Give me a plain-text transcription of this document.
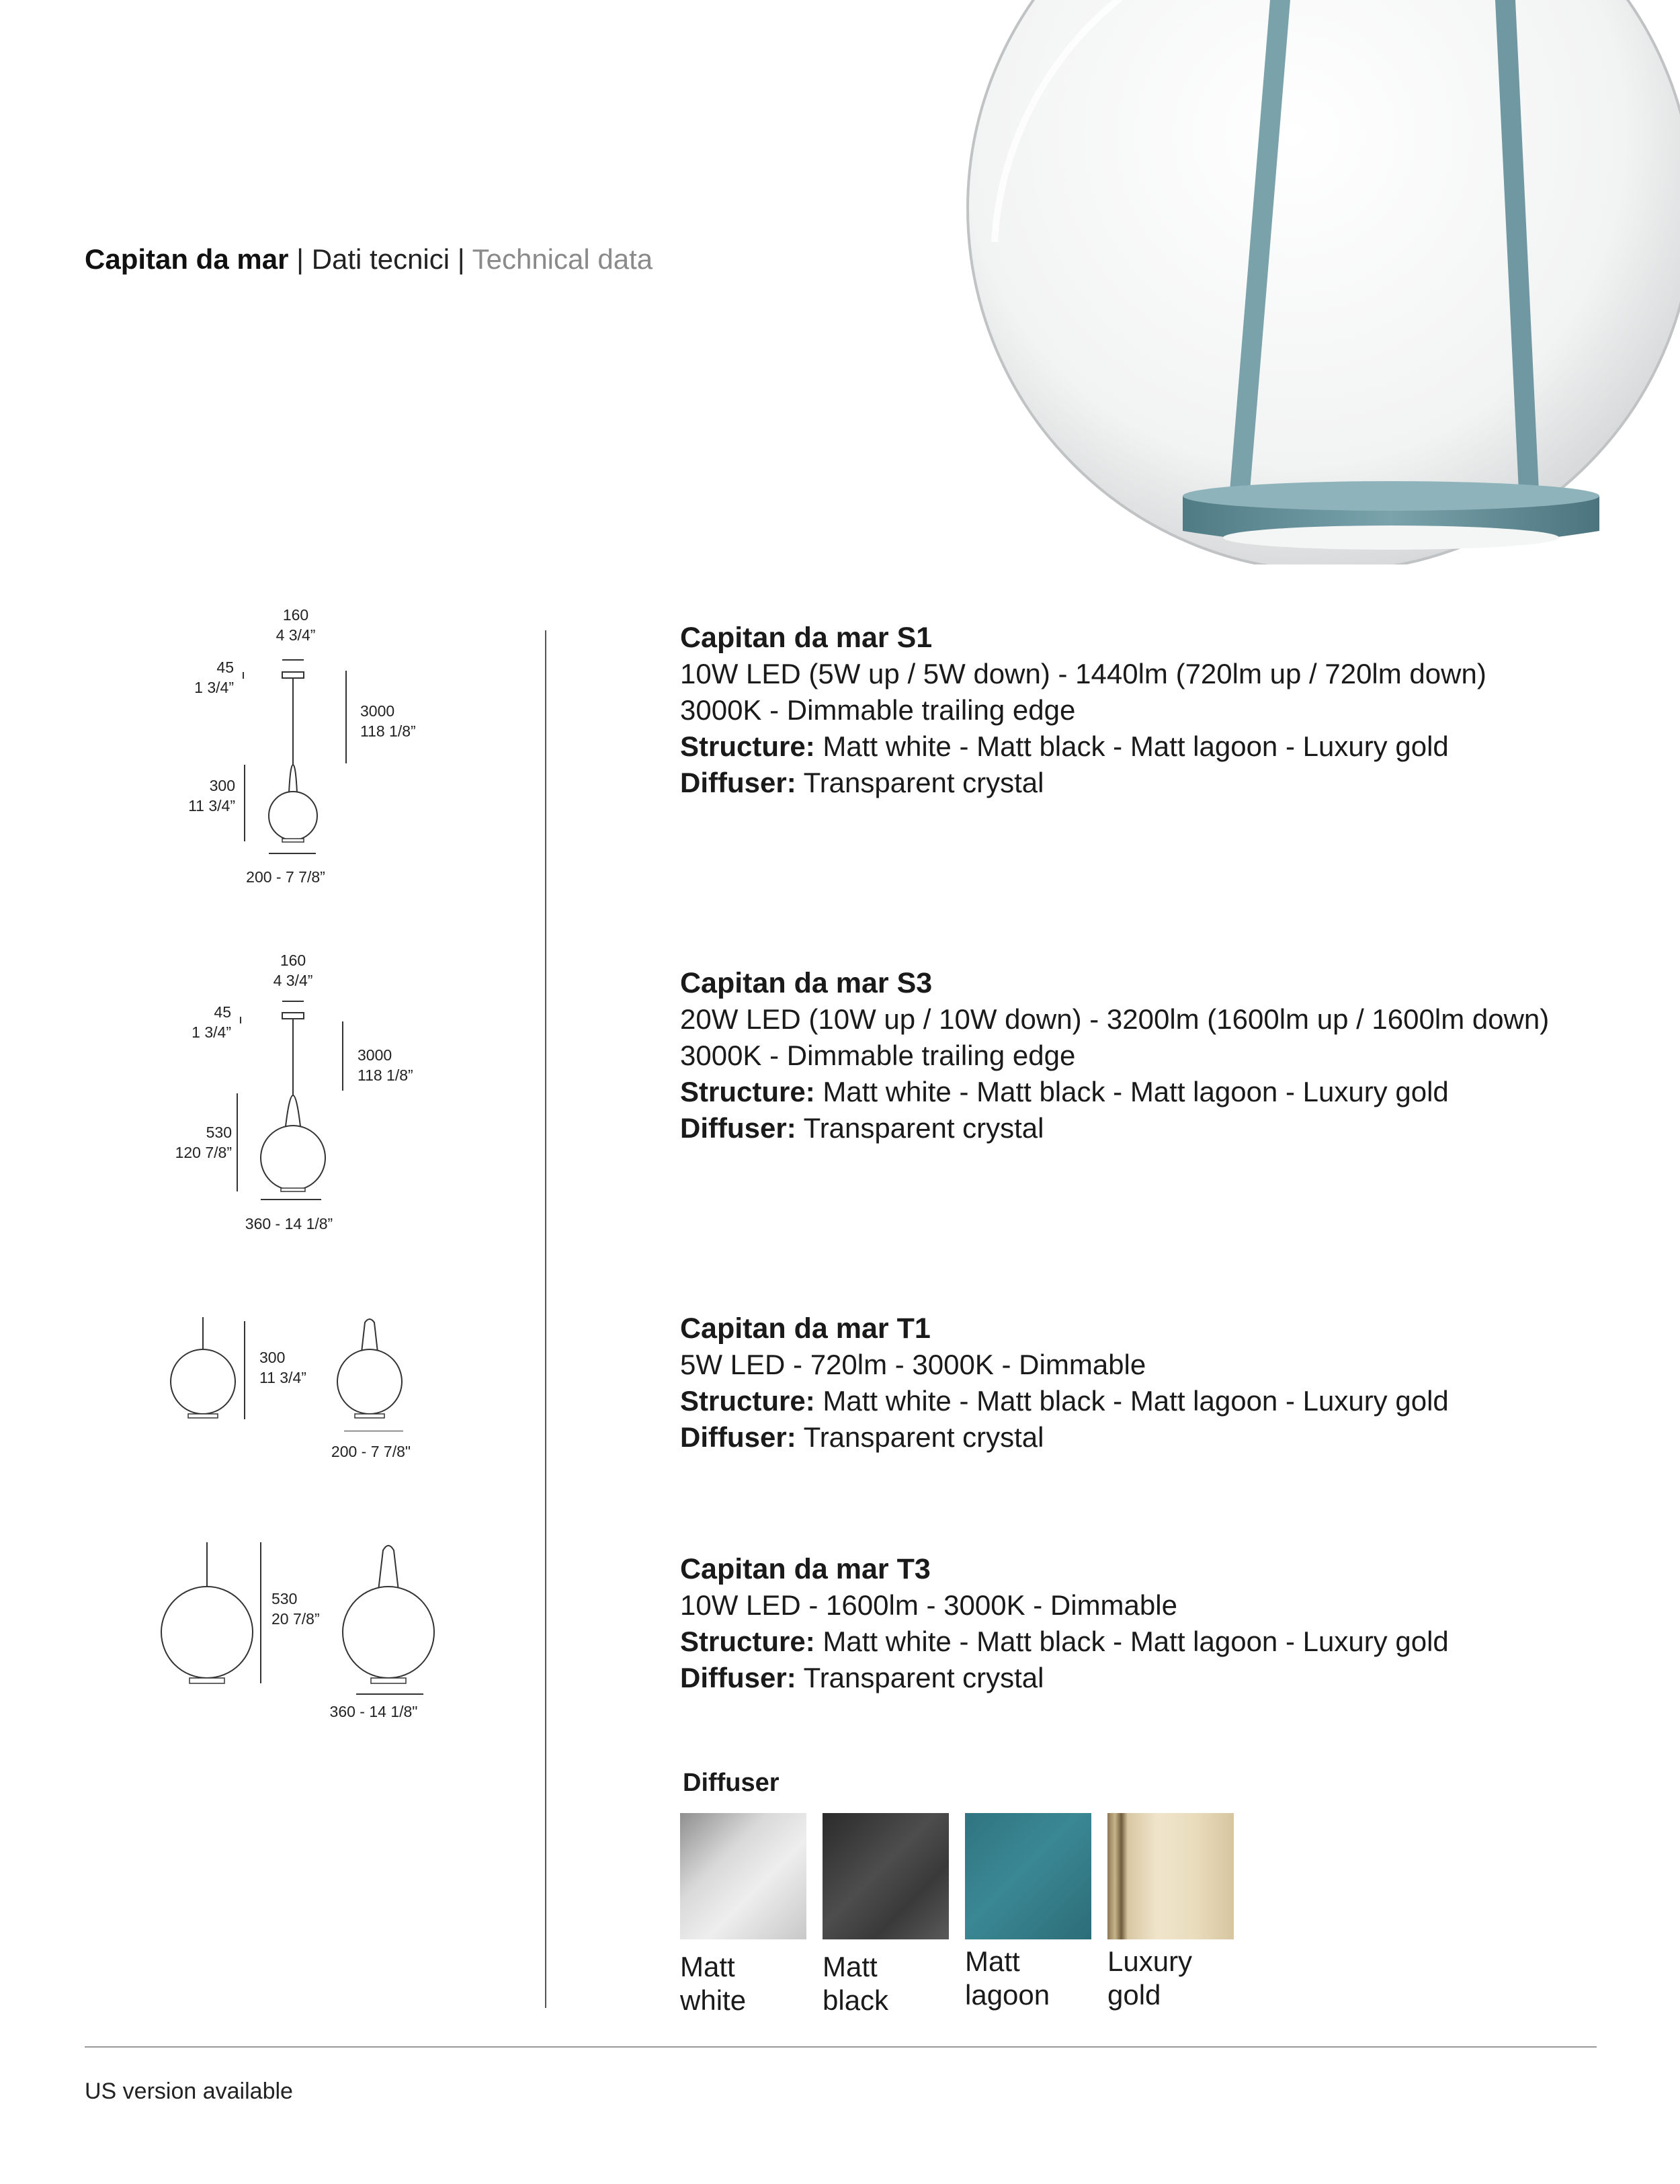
Capitan da mar | Dati tecnici | Technical data
160
4 3/4”
45
1 3/4”
3000
118 1/8”
300
11 3/4”
200 - 7 7/8”
160
4 3/4”
45
1 3/4”
3000
118 1/8”
530
120 7/8”
360 - 14 1/8”
300
11 3/4”
200 - 7 7/8"
530
20 7/8”
360 - 14 1/8"
Capitan da mar S1
10W LED (5W up / 5W down) - 1440lm (720lm up / 720lm down)
3000K - Dimmable trailing edge
Structure: Matt white - Matt black - Matt lagoon - Luxury gold
Diffuser: Transparent crystal
Capitan da mar S3
20W LED (10W up / 10W down) - 3200lm (1600lm up / 1600lm down)
3000K - Dimmable trailing edge
Structure: Matt white - Matt black - Matt lagoon - Luxury gold
Diffuser: Transparent crystal
Capitan da mar T1
5W LED - 720lm - 3000K - Dimmable
Structure: Matt white - Matt black - Matt lagoon - Luxury gold
Diffuser: Transparent crystal
Capitan da mar T3
10W LED - 1600lm - 3000K - Dimmable
Structure: Matt white - Matt black - Matt lagoon - Luxury gold
Diffuser: Transparent crystal
Diffuser
Matt
white
Matt
black
Matt
lagoon
Luxury
gold
US version available
